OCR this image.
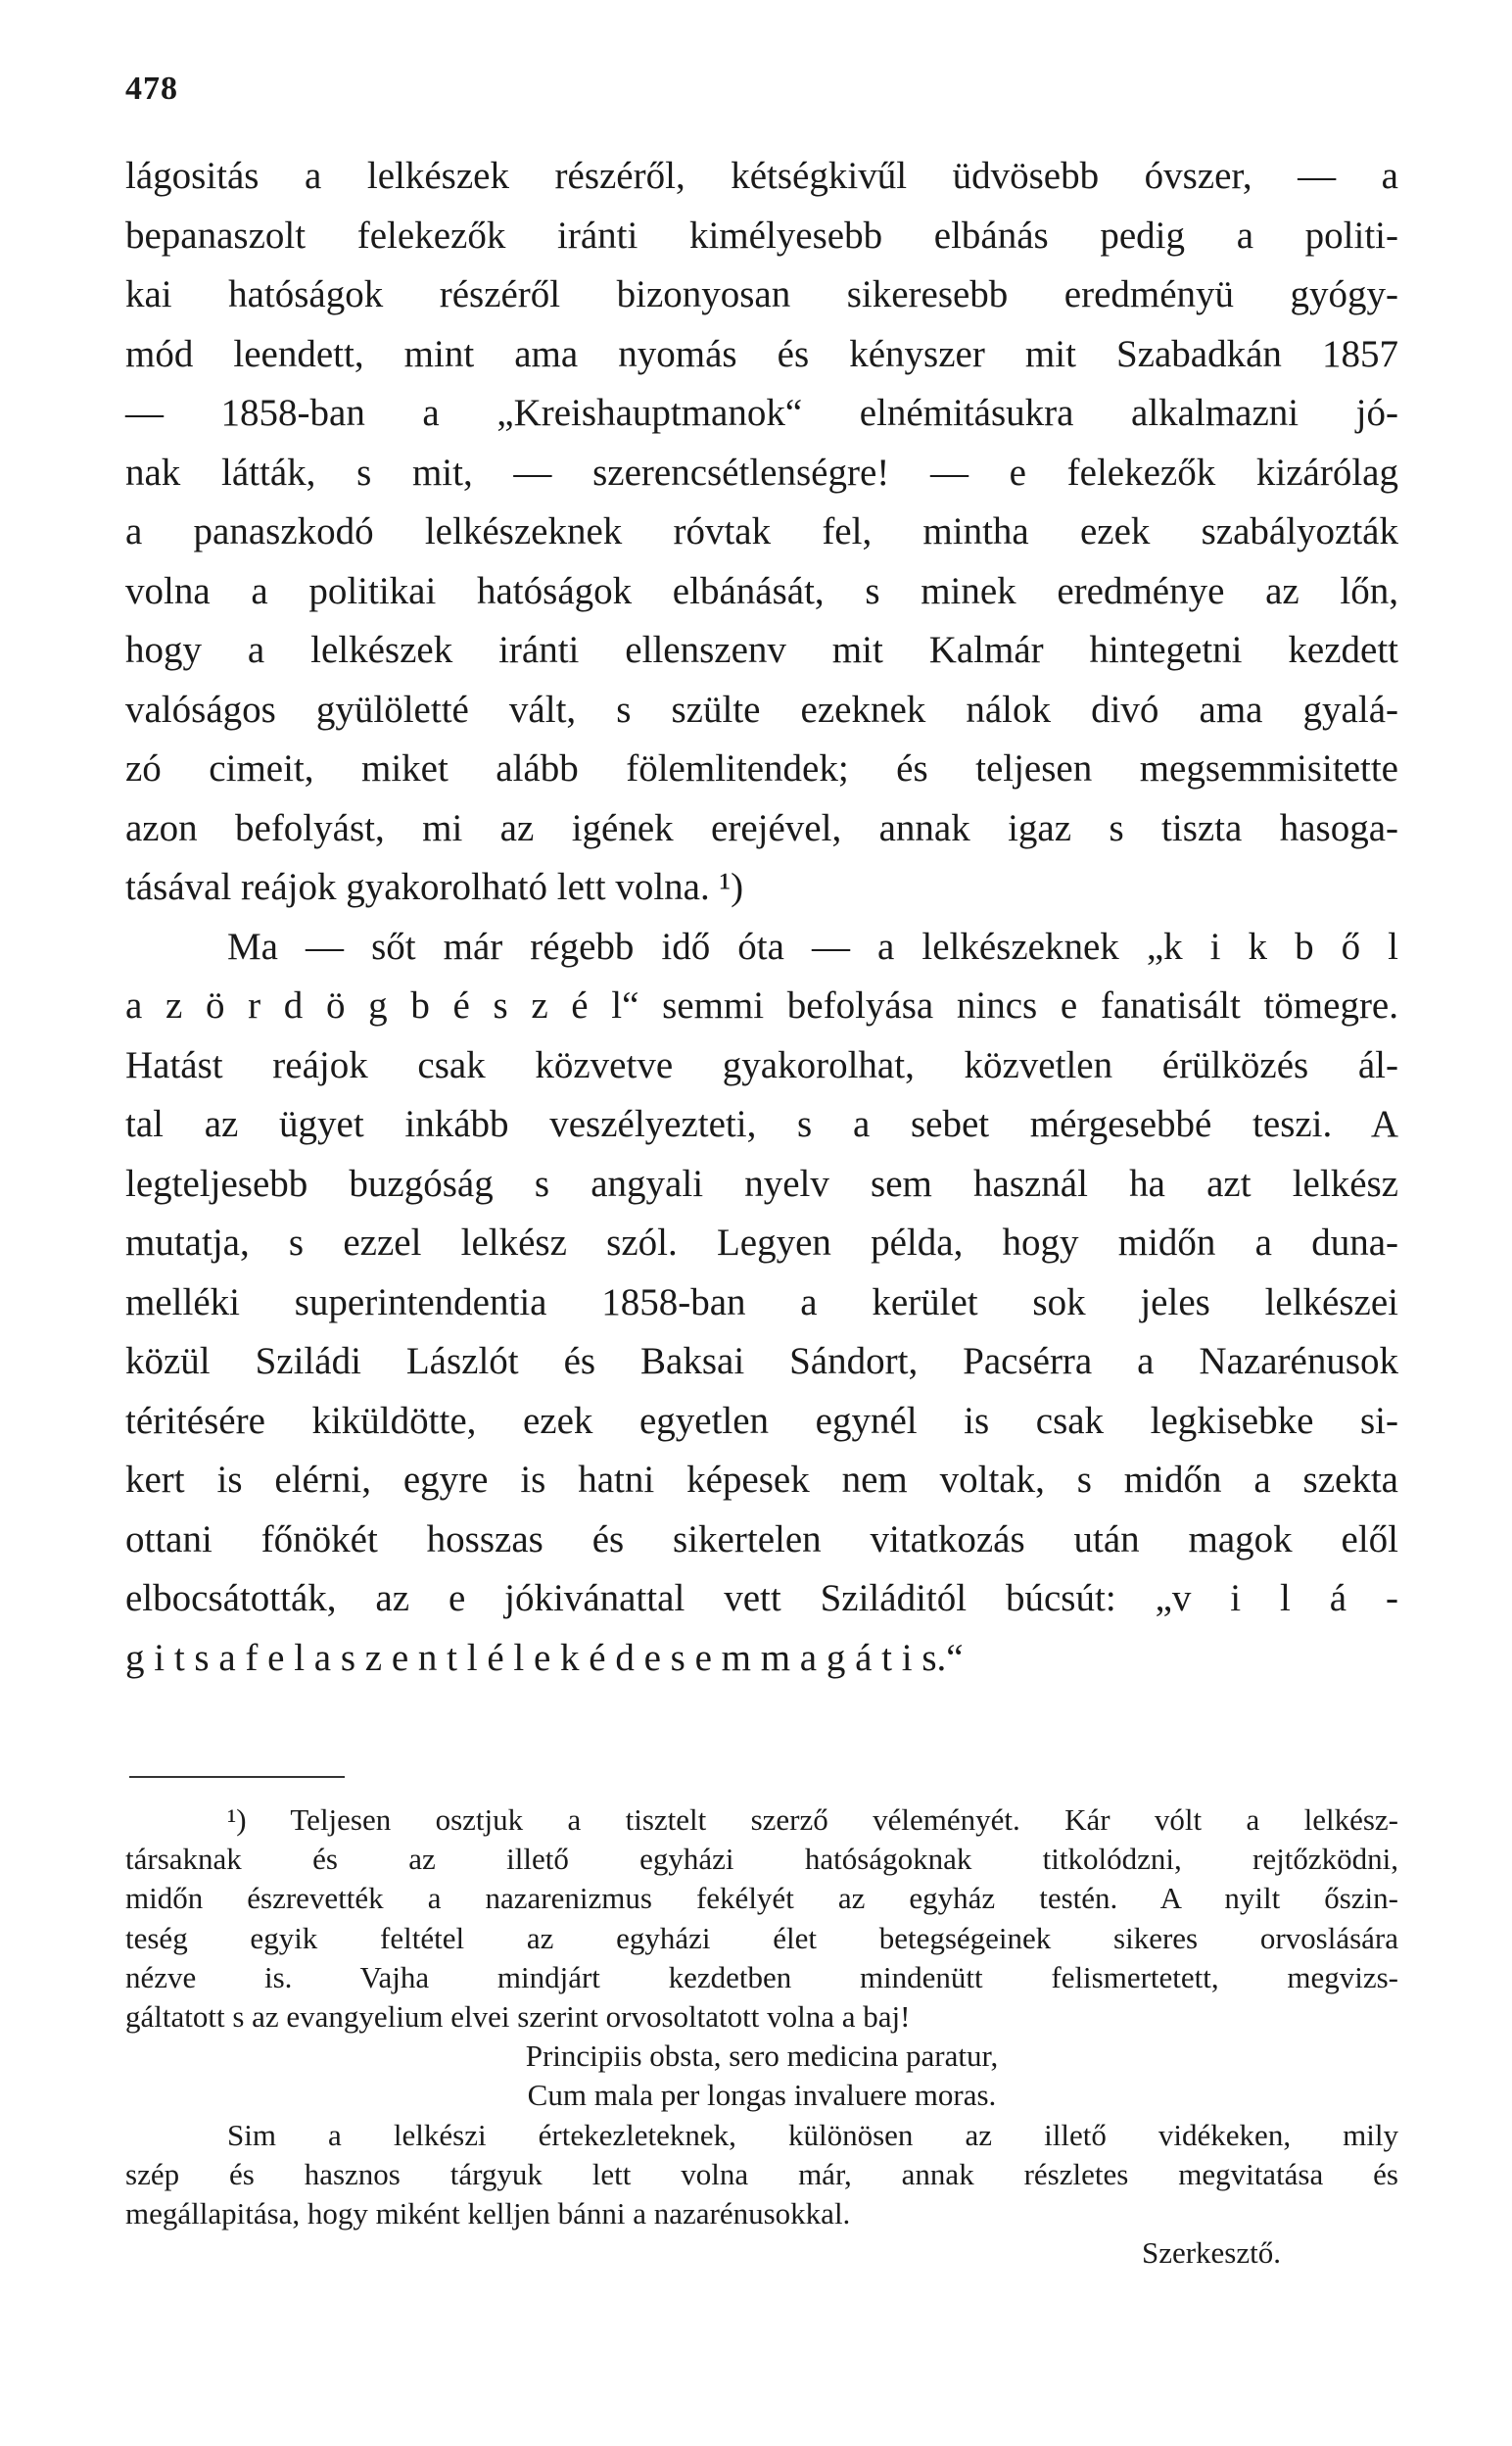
478
lágositás a lelkészek részéről, kétségkivűl üdvösebb óvszer, — a
bepanaszolt felekezők iránti kimélyesebb elbánás pedig a politi-
kai hatóságok részéről bizonyosan sikeresebb eredményü gyógy-
mód leendett, mint ama nyomás és kényszer mit Szabadkán 1857
— 1858-ban a „Kreishauptmanok“ elnémitásukra alkalmazni jó-
nak látták, s mit, — szerencsétlenségre! — e felekezők kizárólag
a panaszkodó lelkészeknek róvtak fel, mintha ezek szabályozták
volna a politikai hatóságok elbánását, s minek eredménye az lőn,
hogy a lelkészek iránti ellenszenv mit Kalmár hintegetni kezdett
valóságos gyülöletté vált, s szülte ezeknek nálok divó ama gyalá-
zó cimeit, miket alább fölemlitendek; és teljesen megsemmisitette
azon befolyást, mi az igének erejével, annak igaz s tiszta hasoga-
tásával reájok gyakorolható lett volna. ¹)
Ma — sőt már régebb idő óta — a lelkészeknek „k i k b ő l
a z ö r d ö g b é s z é l“ semmi befolyása nincs e fanatisált tömegre.
Hatást reájok csak közvetve gyakorolhat, közvetlen érülközés ál-
tal az ügyet inkább veszélyezteti, s a sebet mérgesebbé teszi. A
legteljesebb buzgóság s angyali nyelv sem használ ha azt lelkész
mutatja, s ezzel lelkész szól. Legyen példa, hogy midőn a duna-
melléki superintendentia 1858-ban a kerület sok jeles lelkészei
közül Sziládi Lászlót és Baksai Sándort, Pacsérra a Nazarénusok
téritésére kiküldötte, ezek egyetlen egynél is csak legkisebke si-
kert is elérni, egyre is hatni képesek nem voltak, s midőn a szekta
ottani főnökét hosszas és sikertelen vitatkozás után magok elől
elbocsátották, az e jókivánattal vett Sziláditól búcsút: „v i l á -
g i t s a f e l a s z e n t l é l e k é d e s e m m a g á t i s.“
¹) Teljesen osztjuk a tisztelt szerző véleményét. Kár vólt a lelkész-
társaknak és az illető egyházi hatóságoknak titkolódzni, rejtőzködni,
midőn észrevették a nazarenizmus fekélyét az egyház testén. A nyilt őszin-
teség egyik feltétel az egyházi élet betegségeinek sikeres orvoslására
nézve is. Vajha mindjárt kezdetben mindenütt felismertetett, megvizs-
gáltatott s az evangyelium elvei szerint orvosoltatott volna a baj!
Principiis obsta, sero medicina paratur,
Cum mala per longas invaluere moras.
Sim a lelkészi értekezleteknek, különösen az illető vidékeken, mily
szép és hasznos tárgyuk lett volna már, annak részletes megvitatása és
megállapitása, hogy miként kelljen bánni a nazarénusokkal.
Szerkesztő.
